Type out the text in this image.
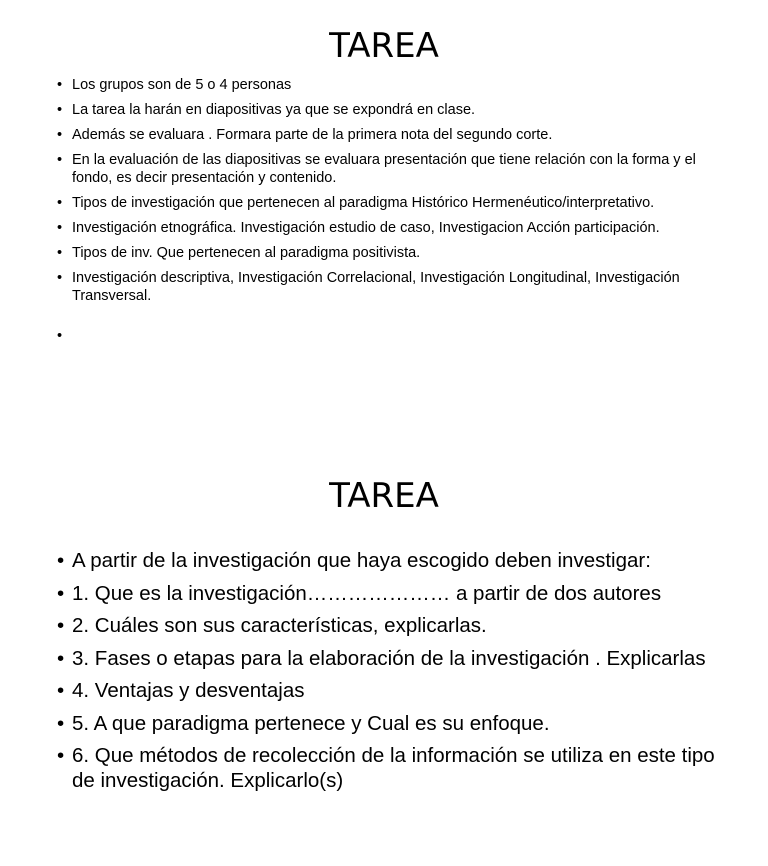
TAREA
• Los grupos son de 5 o 4 personas
• La tarea la harán en diapositivas ya que se expondrá en clase.
• Además se evaluara . Formara parte de la primera nota del segundo corte.
• En la evaluación de las diapositivas se evaluara presentación que tiene relación con la forma y el fondo, es decir presentación y contenido.
• Tipos de investigación que pertenecen al paradigma Histórico Hermenéutico/interpretativo.
• Investigación etnográfica. Investigación estudio de caso, Investigacion Acción participación.
• Tipos de inv. Que pertenecen al paradigma positivista.
• Investigación descriptiva, Investigación Correlacional, Investigación Longitudinal, Investigación Transversal.
•
TAREA
• A partir de la investigación que haya escogido deben investigar:
• 1. Que es la investigación………………… a partir de dos autores
• 2. Cuáles son sus características, explicarlas.
• 3. Fases o etapas para la elaboración de la investigación . Explicarlas
• 4. Ventajas y desventajas
• 5. A que paradigma pertenece y Cual es su enfoque.
• 6. Que métodos de recolección de la información se utiliza en este tipo de investigación. Explicarlo(s)
